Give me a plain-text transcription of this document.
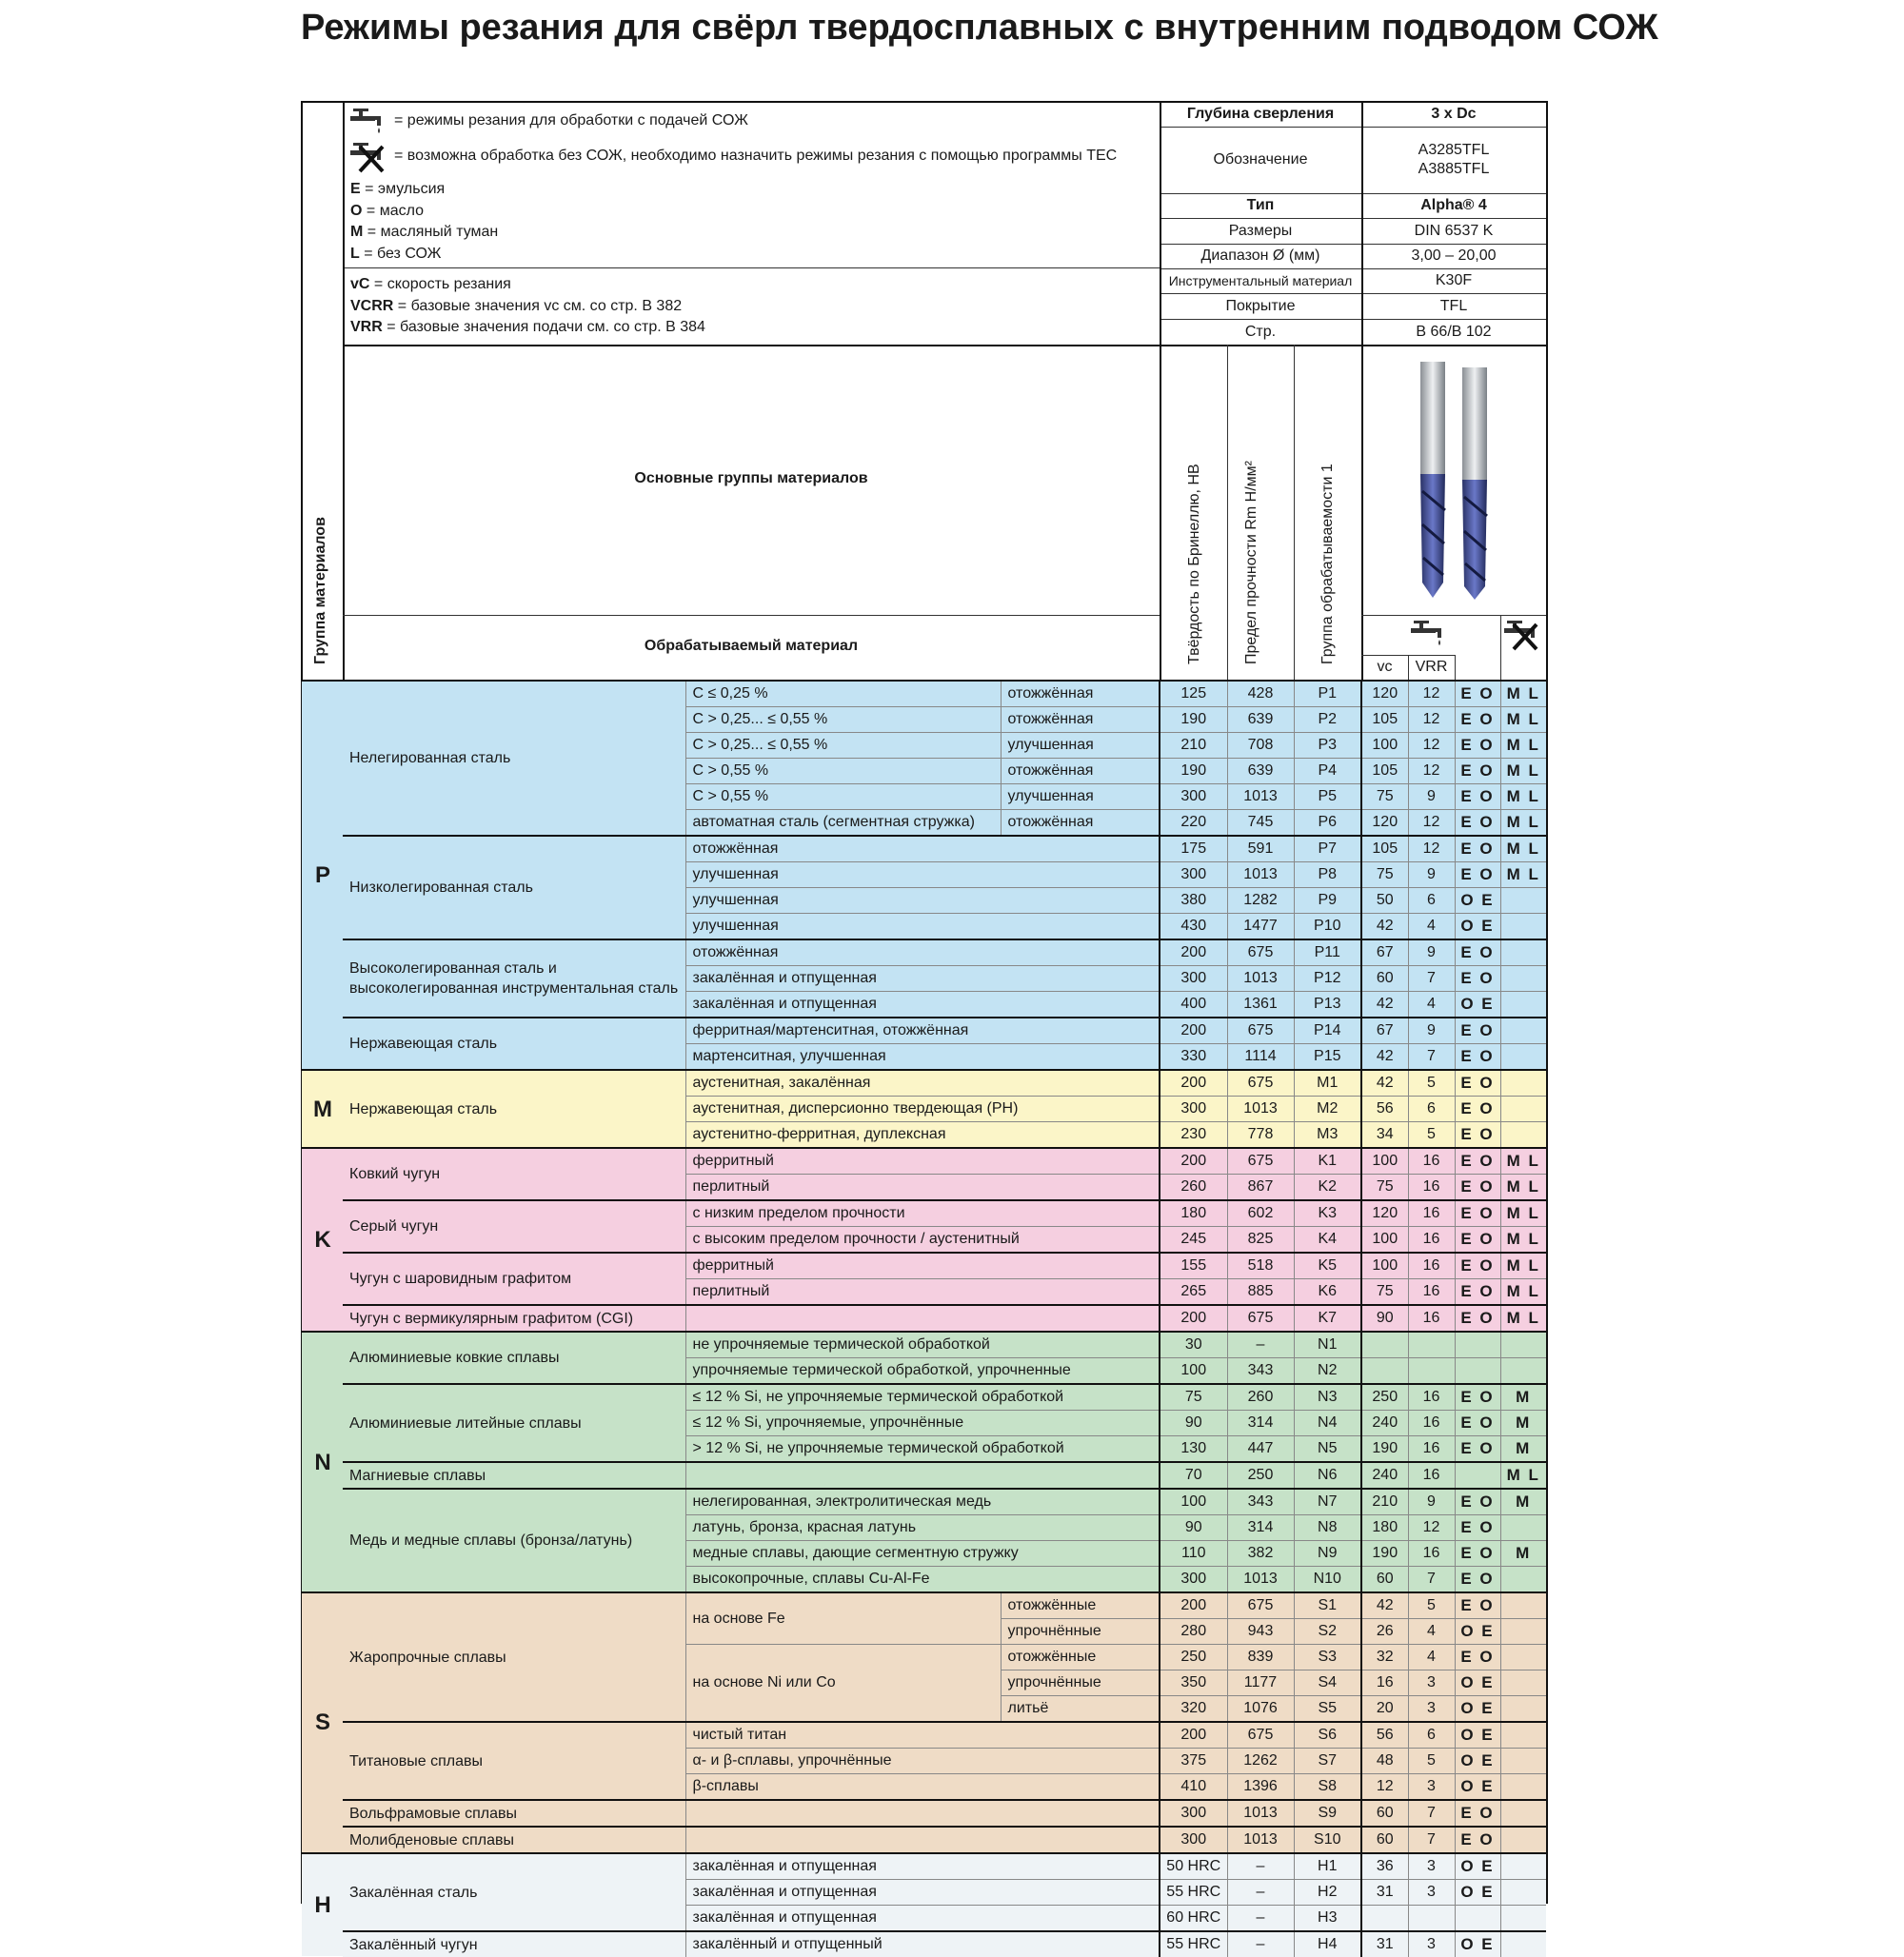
Режимы резания для свёрл твердосплавных с внутренним подводом СОЖ
= режимы резания для обработки с подачей СОЖ
= возможна обработка без СОЖ, необходимо назначить режимы резания с помощью программы TEC
E = эмульсия
O = масло
M = масляный туман
L = без СОЖ
vC = скорость резания
VCRR = базовые значения vc см. со стр. B 382
VRR = базовые значения подачи см. со стр. B 384
Глубина сверления	3 x Dc
Обозначение
A3285TFL
A3885TFL
Тип	Alpha® 4
Размеры	DIN 6537 K
Диапазон Ø (мм)	3,00 – 20,00
Инструментальный материал	K30F
Покрытие	TFL
Стр.	B 66/B 102
Основные группы материалов
Обрабатываемый материал
Группа материалов	Твёрдость по Бринеллю, HB	Предел прочности Rm Н/мм²	Группа обрабатываемости 1
vc	VRR
P
M
K
N
S
H
Нелегированная сталь	C ≤ 0,25 %	отожжённая	125	428	P1	120	12	E O	M L
	C > 0,25... ≤ 0,55 %	отожжённая	190	639	P2	105	12	E O	M L
	C > 0,25... ≤ 0,55 %	улучшенная	210	708	P3	100	12	E O	M L
	C > 0,55 %	отожжённая	190	639	P4	105	12	E O	M L
	C > 0,55 %	улучшенная	300	1013	P5	75	9	E O	M L
	автоматная сталь (сегментная стружка)	отожжённая	220	745	P6	120	12	E O	M L
Низколегированная сталь	отожжённая		175	591	P7	105	12	E O	M L
	улучшенная		300	1013	P8	75	9	E O	M L
	улучшенная		380	1282	P9	50	6	O E	
	улучшенная		430	1477	P10	42	4	O E	
Высоколегированная сталь и высоколегированная инструментальная сталь	отожжённая		200	675	P11	67	9	E O	
	закалённая и отпущенная		300	1013	P12	60	7	E O	
	закалённая и отпущенная		400	1361	P13	42	4	O E	
Нержавеющая сталь	ферритная/мартенситная, отожжённая		200	675	P14	67	9	E O	
	мартенситная, улучшенная		330	1114	P15	42	7	E O	
Нержавеющая сталь	аустенитная, закалённая		200	675	M1	42	5	E O	
	аустенитная, дисперсионно твердеющая (PH)		300	1013	M2	56	6	E O	
	аустенитно-ферритная, дуплексная		230	778	M3	34	5	E O	
Ковкий чугун	ферритный		200	675	K1	100	16	E O	M L
	перлитный		260	867	K2	75	16	E O	M L
Серый чугун	с низким пределом прочности		180	602	K3	120	16	E O	M L
	с высоким пределом прочности / аустенитный		245	825	K4	100	16	E O	M L
Чугун с шаровидным графитом	ферритный		155	518	K5	100	16	E O	M L
	перлитный		265	885	K6	75	16	E O	M L
Чугун с вермикулярным графитом (CGI)			200	675	K7	90	16	E O	M L
Алюминиевые ковкие сплавы	не упрочняемые термической обработкой		30	–	N1				
	упрочняемые термической обработкой, упрочненные		100	343	N2				
Алюминиевые литейные сплавы	≤ 12 % Si, не упрочняемые термической обработкой		75	260	N3	250	16	E O	M
	≤ 12 % Si, упрочняемые, упрочнённые		90	314	N4	240	16	E O	M
	> 12 % Si, не упрочняемые термической обработкой		130	447	N5	190	16	E O	M
Магниевые сплавы			70	250	N6	240	16		M L
Медь и медные сплавы (бронза/латунь)	нелегированная, электролитическая медь		100	343	N7	210	9	E O	M
	латунь, бронза, красная латунь		90	314	N8	180	12	E O	
	медные сплавы, дающие сегментную стружку		110	382	N9	190	16	E O	M
	высокопрочные, сплавы Cu-Al-Fe		300	1013	N10	60	7	E O	
Жаропрочные сплавы	на основе Fe	отожжённые	200	675	S1	42	5	E O	
		упрочнённые	280	943	S2	26	4	O E	
	на основе Ni или Co	отожжённые	250	839	S3	32	4	E O	
		упрочнённые	350	1177	S4	16	3	O E	
		литьё	320	1076	S5	20	3	O E	
Титановые сплавы	чистый титан		200	675	S6	56	6	O E	
	α- и β-сплавы, упрочнённые		375	1262	S7	48	5	O E	
	β-сплавы		410	1396	S8	12	3	O E	
Вольфрамовые сплавы			300	1013	S9	60	7	E O	
Молибденовые сплавы			300	1013	S10	60	7	E O	
Закалённая сталь	закалённая и отпущенная		50 HRC	–	H1	36	3	O E	
	закалённая и отпущенная		55 HRC	–	H2	31	3	O E	
	закалённая и отпущенная		60 HRC	–	H3				
Закалённый чугун	закалённый и отпущенный		55 HRC	–	H4	31	3	O E	
